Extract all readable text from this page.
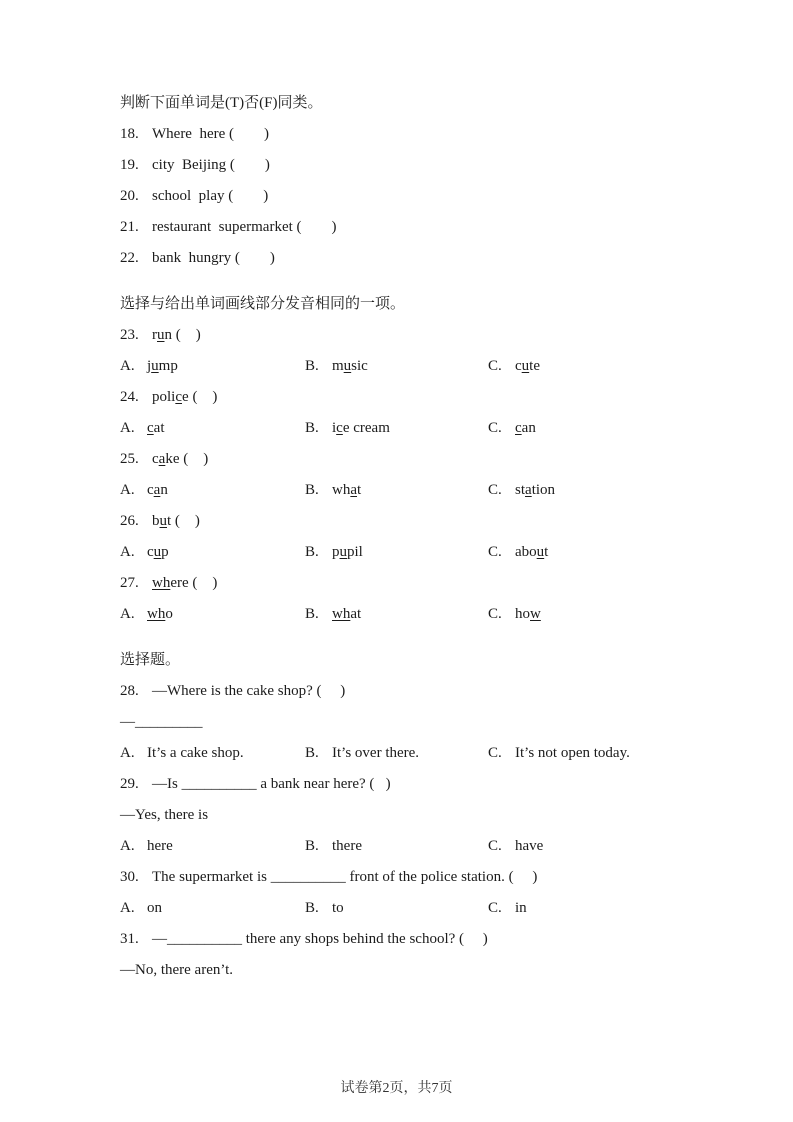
判断下面单词是(T)否(F)同类。

18. Where  here (        )

19. city  Beijing (        )

20. school  play (        )

21. restaurant  supermarket (        )

22. bank  hungry (        )

选择与给出单词画线部分发音相同的一项。

23. run (    )

A. jump	B. music	C. cute

24. police (    )

A. cat	B. ice cream	C. can

25. cake (    )

A. can	B. what	C. station

26. but (    )

A. cup	B. pupil	C. about

27. where (    )

A. who	B. what	C. how

选择题。

28. —Where is the cake shop? (     )

—_________

A. It’s a cake shop.	B. It’s over there.	C. It’s not open today.

29. —Is __________ a bank near here? (   )

—Yes, there is

A. here	B. there	C. have

30. The supermarket is __________ front of the police station. (     )

A. on	B. to	C. in

31. —__________ there any shops behind the school? (     )

—No, there aren’t.

试卷第2页，共7页
